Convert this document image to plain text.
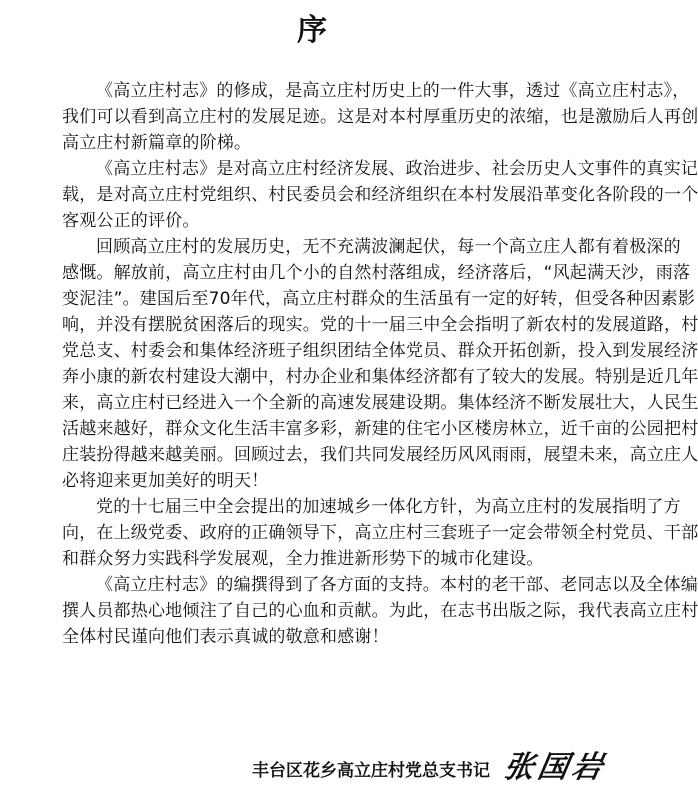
序
《高立庄村志》的修成，是高立庄村历史上的一件大事，透过《高立庄村志》，
我们可以看到高立庄村的发展足迹。这是对本村厚重历史的浓缩，也是激励后人再创
高立庄村新篇章的阶梯。
《高立庄村志》是对高立庄村经济发展、政治进步、社会历史人文事件的真实记
载，是对高立庄村党组织、村民委员会和经济组织在本村发展沿革变化各阶段的一个
客观公正的评价。
回顾高立庄村的发展历史，无不充满波澜起伏，每一个高立庄人都有着极深的
感慨。解放前，高立庄村由几个小的自然村落组成，经济落后，“风起满天沙，雨落
变泥洼”。建国后至70年代，高立庄村群众的生活虽有一定的好转，但受各种因素影
响，并没有摆脱贫困落后的现实。党的十一届三中全会指明了新农村的发展道路，村
党总支、村委会和集体经济班子组织团结全体党员、群众开拓创新，投入到发展经济
奔小康的新农村建设大潮中，村办企业和集体经济都有了较大的发展。特别是近几年
来，高立庄村已经进入一个全新的高速发展建设期。集体经济不断发展壮大，人民生
活越来越好，群众文化生活丰富多彩，新建的住宅小区楼房林立，近千亩的公园把村
庄装扮得越来越美丽。回顾过去，我们共同发展经历风风雨雨，展望未来，高立庄人
必将迎来更加美好的明天！
党的十七届三中全会提出的加速城乡一体化方针，为高立庄村的发展指明了方
向，在上级党委、政府的正确领导下，高立庄村三套班子一定会带领全村党员、干部
和群众努力实践科学发展观，全力推进新形势下的城市化建设。
《高立庄村志》的编撰得到了各方面的支持。本村的老干部、老同志以及全体编
撰人员都热心地倾注了自己的心血和贡献。为此，在志书出版之际，我代表高立庄村
全体村民谨向他们表示真诚的敬意和感谢！
丰台区花乡高立庄村党总支书记 张国岩
